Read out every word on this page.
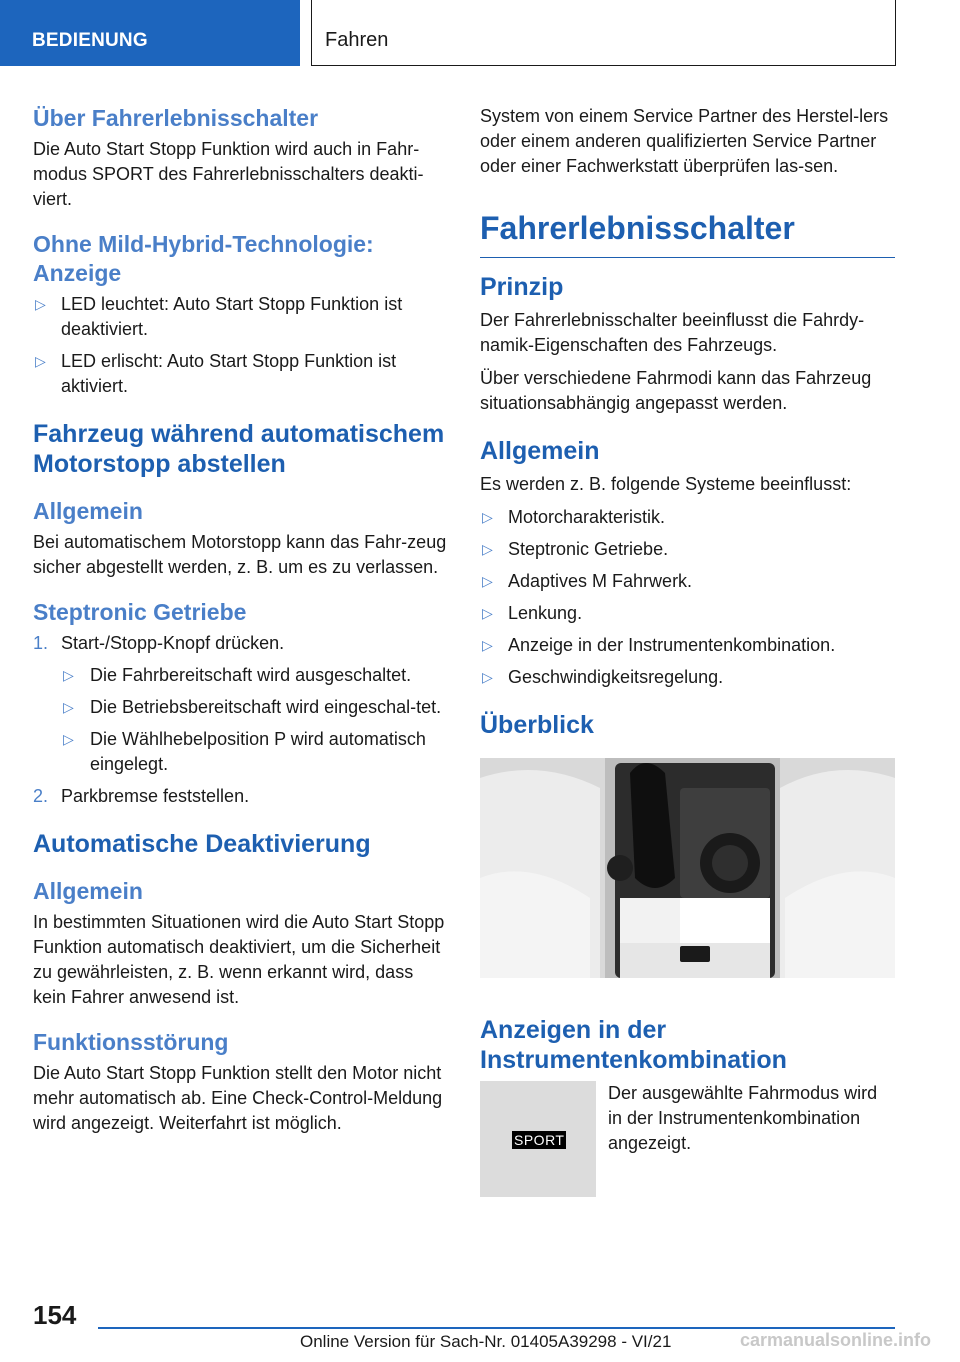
BEDIENUNG	Fahren
Über Fahrerlebnisschalter

Die Auto Start Stopp Funktion wird auch in Fahr-modus SPORT des Fahrerlebnisschalters deakti-viert.

Ohne Mild-Hybrid-Technologie: Anzeige
▷ LED leuchtet: Auto Start Stopp Funktion ist deaktiviert.
▷ LED erlischt: Auto Start Stopp Funktion ist aktiviert.
Fahrzeug während automatischem Motorstopp abstellen
Allgemein

Bei automatischem Motorstopp kann das Fahr-zeug sicher abgestellt werden, z. B. um es zu verlassen.

Steptronic Getriebe
1. Start-/Stopp-Knopf drücken.
▷ Die Fahrbereitschaft wird ausgeschaltet.
▷ Die Betriebsbereitschaft wird eingeschal-tet.
▷ Die Wählhebelposition P wird automatisch eingelegt.
2. Parkbremse feststellen.
Automatische Deaktivierung
Allgemein

In bestimmten Situationen wird die Auto Start Stopp Funktion automatisch deaktiviert, um die Sicherheit zu gewährleisten, z. B. wenn erkannt wird, dass kein Fahrer anwesend ist.

Funktionsstörung

Die Auto Start Stopp Funktion stellt den Motor nicht mehr automatisch ab. Eine Check-Control-Meldung wird angezeigt. Weiterfahrt ist möglich.

System von einem Service Partner des Herstel-lers oder einem anderen qualifizierten Service Partner oder einer Fachwerkstatt überprüfen las-sen.

Fahrerlebnisschalter
Prinzip

Der Fahrerlebnisschalter beeinflusst die Fahrdy-namik-Eigenschaften des Fahrzeugs.

Über verschiedene Fahrmodi kann das Fahrzeug situationsabhängig angepasst werden.

Allgemein

Es werden z. B. folgende Systeme beeinflusst:

▷ Motorcharakteristik.
▷ Steptronic Getriebe.
▷ Adaptives M Fahrwerk.
▷ Lenkung.
▷ Anzeige in der Instrumentenkombination.
▷ Geschwindigkeitsregelung.
Überblick
Anzeigen in der Instrumentenkombination
SPORT
Der ausgewählte Fahrmodus wird in der Instrumentenkombination angezeigt.
154
Online Version für Sach-Nr. 01405A39298 - VI/21	carmanualsonline.info
